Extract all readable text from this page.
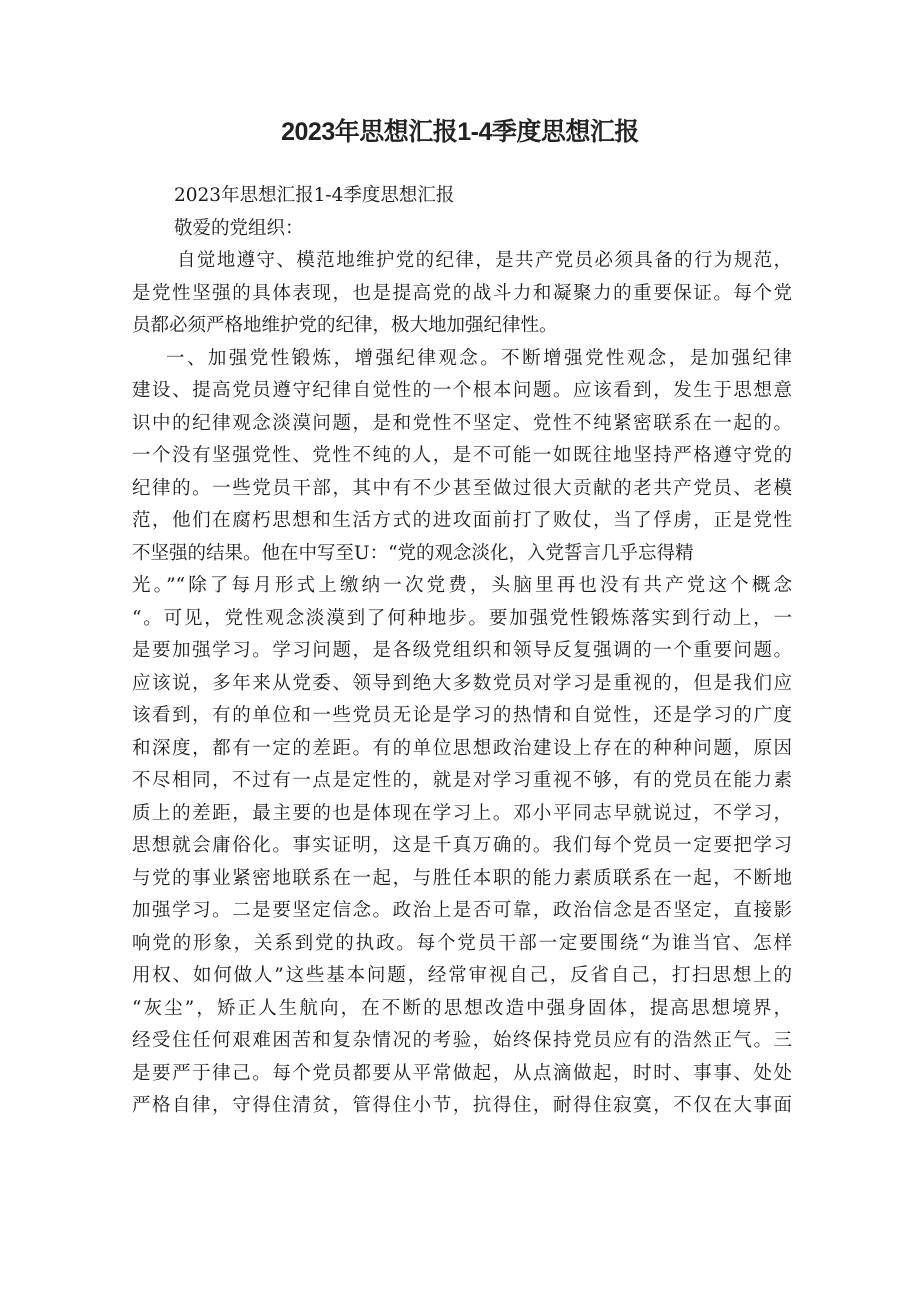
2023年思想汇报1-4季度思想汇报
2023年思想汇报1-4季度思想汇报
敬爱的党组织：
自觉地遵守、模范地维护党的纪律，是共产党员必须具备的行为规范，
是党性坚强的具体表现，也是提高党的战斗力和凝聚力的重要保证。每个党
员都必须严格地维护党的纪律，极大地加强纪律性。
一、加强党性锻炼，增强纪律观念。不断增强党性观念，是加强纪律
建设、提高党员遵守纪律自觉性的一个根本问题。应该看到，发生于思想意
识中的纪律观念淡漠问题，是和党性不坚定、党性不纯紧密联系在一起的。
一个没有坚强党性、党性不纯的人，是不可能一如既往地坚持严格遵守党的
纪律的。一些党员干部，其中有不少甚至做过很大贡献的老共产党员、老模
范，他们在腐朽思想和生活方式的进攻面前打了败仗，当了俘虏，正是党性
不坚强的结果。他在中写至U：“党的观念淡化，入党誓言几乎忘得精
光。”“除了每月形式上缴纳一次党费，头脑里再也没有共产党这个概念
“。可见，党性观念淡漠到了何种地步。要加强党性锻炼落实到行动上，一
是要加强学习。学习问题，是各级党组织和领导反复强调的一个重要问题。
应该说，多年来从党委、领导到绝大多数党员对学习是重视的，但是我们应
该看到，有的单位和一些党员无论是学习的热情和自觉性，还是学习的广度
和深度，都有一定的差距。有的单位思想政治建设上存在的种种问题，原因
不尽相同，不过有一点是定性的，就是对学习重视不够，有的党员在能力素
质上的差距，最主要的也是体现在学习上。邓小平同志早就说过，不学习，
思想就会庸俗化。事实证明，这是千真万确的。我们每个党员一定要把学习
与党的事业紧密地联系在一起，与胜任本职的能力素质联系在一起，不断地
加强学习。二是要坚定信念。政治上是否可靠，政治信念是否坚定，直接影
响党的形象，关系到党的执政。每个党员干部一定要围绕“为谁当官、怎样
用权、如何做人”这些基本问题，经常审视自己，反省自己，打扫思想上的
“灰尘”，矫正人生航向，在不断的思想改造中强身固体，提高思想境界，
经受住任何艰难困苦和复杂情况的考验，始终保持党员应有的浩然正气。三
是要严于律己。每个党员都要从平常做起，从点滴做起，时时、事事、处处
严格自律，守得住清贫，管得住小节，抗得住，耐得住寂寞，不仅在大事面
